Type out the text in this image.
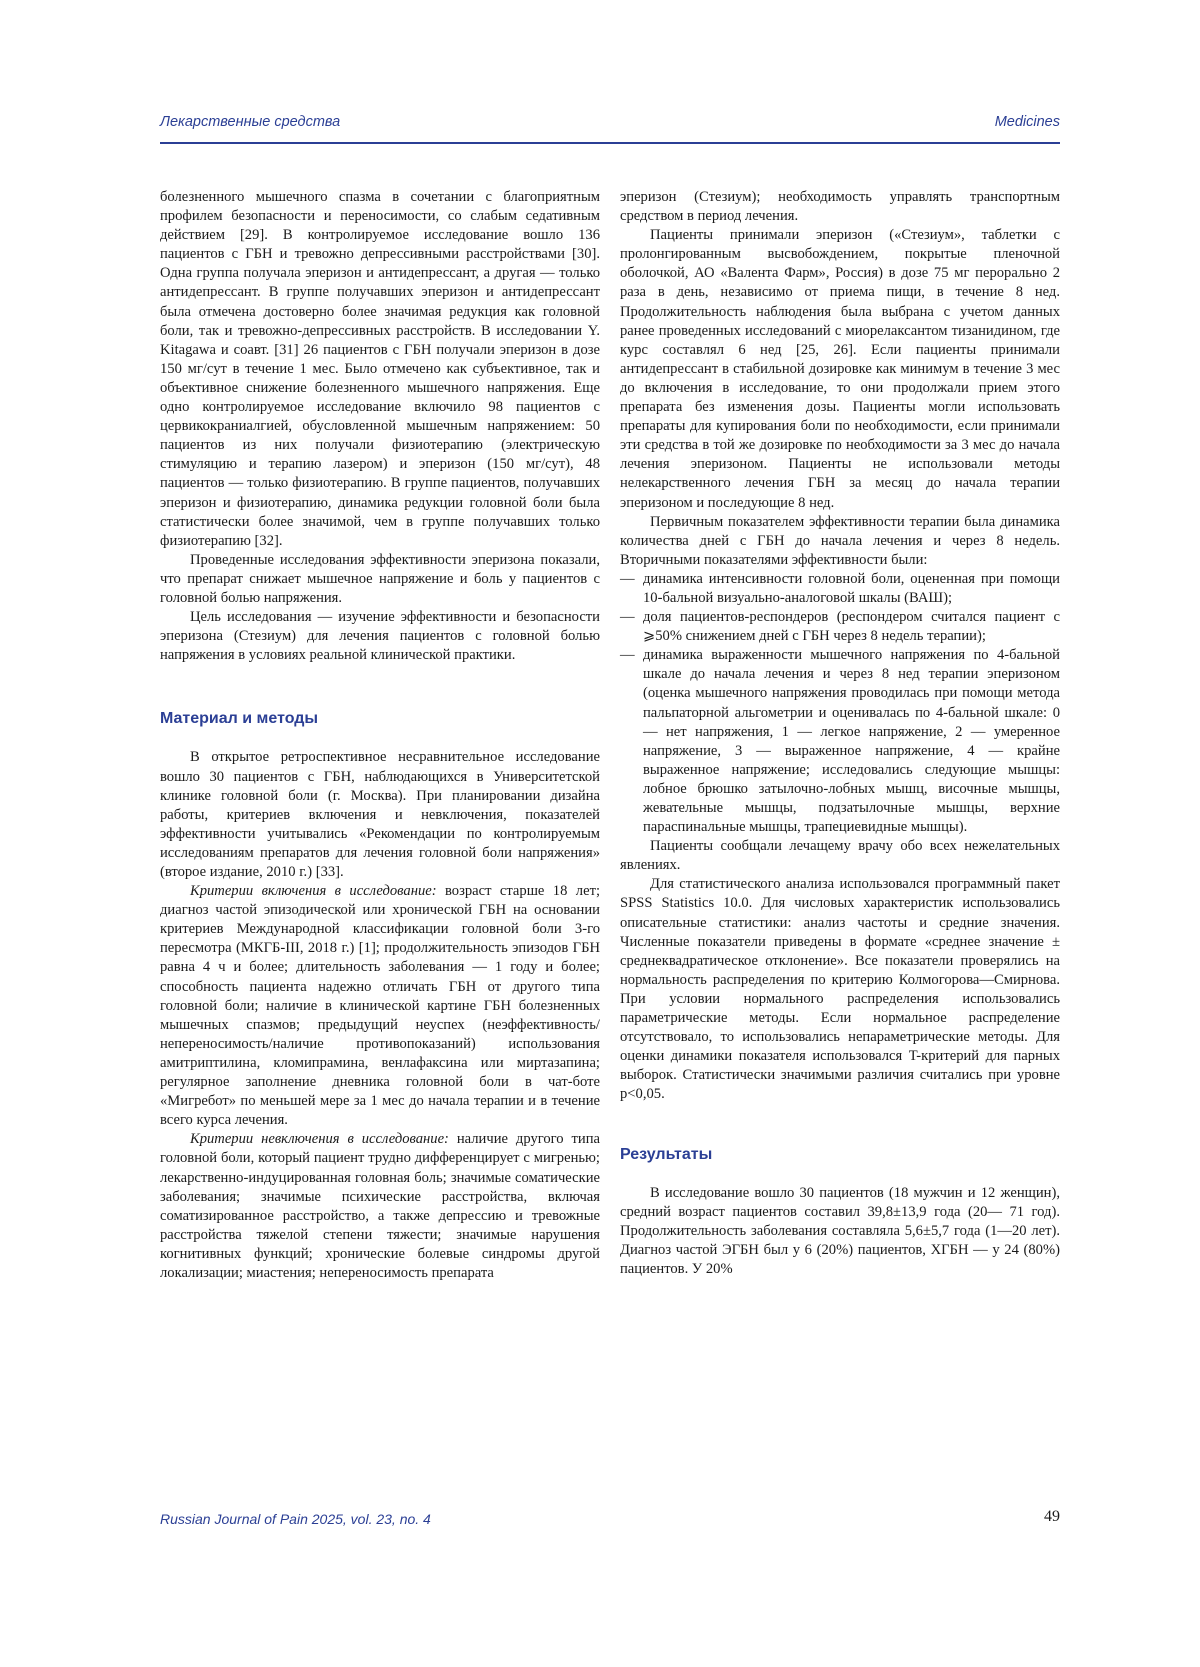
Лекарственные средства	Medicines

болезненного мышечного спазма в сочетании с благоприятным профилем безопасности и переносимости, со слабым седативным действием [29]. В контролируемое исследование вошло 136 пациентов с ГБН и тревожно депрессивными расстройствами [30]. Одна группа получала эперизон и антидепрессант, а другая — только антидепрессант. В группе получавших эперизон и антидепрессант была отмечена достоверно более значимая редукция как головной боли, так и тревожно-депрессивных расстройств. В исследовании Y. Kitagawa и соавт. [31] 26 пациентов с ГБН получали эперизон в дозе 150 мг/сут в течение 1 мес. Было отмечено как субъективное, так и объективное снижение болезненного мышечного напряжения. Еще одно контролируемое исследование включило 98 пациентов с цервикокраниалгией, обусловленной мышечным напряжением: 50 пациентов из них получали физиотерапию (электрическую стимуляцию и терапию лазером) и эперизон (150 мг/сут), 48 пациентов — только физиотерапию. В группе пациентов, получавших эперизон и физиотерапию, динамика редукции головной боли была статистически более значимой, чем в группе получавших только физиотерапию [32].

Проведенные исследования эффективности эперизона показали, что препарат снижает мышечное напряжение и боль у пациентов с головной болью напряжения.

Цель исследования — изучение эффективности и безопасности эперизона (Стезиум) для лечения пациентов с головной болью напряжения в условиях реальной клинической практики.

Материал и методы

В открытое ретроспективное несравнительное исследование вошло 30 пациентов с ГБН, наблюдающихся в Университетской клинике головной боли (г. Москва). При планировании дизайна работы, критериев включения и невключения, показателей эффективности учитывались «Рекомендации по контролируемым исследованиям препаратов для лечения головной боли напряжения» (второе издание, 2010 г.) [33].

Критерии включения в исследование: возраст старше 18 лет; диагноз частой эпизодической или хронической ГБН на основании критериев Международной классификации головной боли 3-го пересмотра (МКГБ-III, 2018 г.) [1]; продолжительность эпизодов ГБН равна 4 ч и более; длительность заболевания — 1 году и более; способность пациента надежно отличать ГБН от другого типа головной боли; наличие в клинической картине ГБН болезненных мышечных спазмов; предыдущий неуспех (неэффективность/непереносимость/наличие противопоказаний) использования амитриптилина, кломипрамина, венлафаксина или миртазапина; регулярное заполнение дневника головной боли в чат-боте «Мигребот» по меньшей мере за 1 мес до начала терапии и в течение всего курса лечения.

Критерии невключения в исследование: наличие другого типа головной боли, который пациент трудно дифференцирует с мигренью; лекарственно-индуцированная головная боль; значимые соматические заболевания; значимые психические расстройства, включая соматизированное расстройство, а также депрессию и тревожные расстройства тяжелой степени тяжести; значимые нарушения когнитивных функций; хронические болевые синдромы другой локализации; миастения; непереносимость препарата

эперизон (Стезиум); необходимость управлять транспортным средством в период лечения.

Пациенты принимали эперизон («Стезиум», таблетки с пролонгированным высвобождением, покрытые пленочной оболочкой, АО «Валента Фарм», Россия) в дозе 75 мг перорально 2 раза в день, независимо от приема пищи, в течение 8 нед. Продолжительность наблюдения была выбрана с учетом данных ранее проведенных исследований с миорелаксантом тизанидином, где курс составлял 6 нед [25, 26]. Если пациенты принимали антидепрессант в стабильной дозировке как минимум в течение 3 мес до включения в исследование, то они продолжали прием этого препарата без изменения дозы. Пациенты могли использовать препараты для купирования боли по необходимости, если принимали эти средства в той же дозировке по необходимости за 3 мес до начала лечения эперизоном. Пациенты не использовали методы нелекарственного лечения ГБН за месяц до начала терапии эперизоном и последующие 8 нед.

Первичным показателем эффективности терапии была динамика количества дней с ГБН до начала лечения и через 8 недель. Вторичными показателями эффективности были:

— динамика интенсивности головной боли, оцененная при помощи 10-бальной визуально-аналоговой шкалы (ВАШ);
— доля пациентов-респондеров (респондером считался пациент с ⩾50% снижением дней с ГБН через 8 недель терапии);
— динамика выраженности мышечного напряжения по 4-бальной шкале до начала лечения и через 8 нед терапии эперизоном (оценка мышечного напряжения проводилась при помощи метода пальпаторной альгометрии и оценивалась по 4-бальной шкале: 0 — нет напряжения, 1 — легкое напряжение, 2 — умеренное напряжение, 3 — выраженное напряжение, 4 — крайне выраженное напряжение; исследовались следующие мышцы: лобное брюшко затылочно-лобных мышц, височные мышцы, жевательные мышцы, подзатылочные мышцы, верхние параспинальные мышцы, трапециевидные мышцы).

Пациенты сообщали лечащему врачу обо всех нежелательных явлениях.

Для статистического анализа использовался программный пакет SPSS Statistics 10.0. Для числовых характеристик использовались описательные статистики: анализ частоты и средние значения. Численные показатели приведены в формате «среднее значение ± среднеквадратическое отклонение». Все показатели проверялись на нормальность распределения по критерию Колмогорова—Смирнова. При условии нормального распределения использовались параметрические методы. Если нормальное распределение отсутствовало, то использовались непараметрические методы. Для оценки динамики показателя использовался T-критерий для парных выборок. Статистически значимыми различия считались при уровне p<0,05.

Результаты

В исследование вошло 30 пациентов (18 мужчин и 12 женщин), средний возраст пациентов составил 39,8±13,9 года (20— 71 год). Продолжительность заболевания составляла 5,6±5,7 года (1—20 лет). Диагноз частой ЭГБН был у 6 (20%) пациентов, ХГБН — у 24 (80%) пациентов. У 20%

Russian Journal of Pain 2025, vol. 23, no. 4	49
